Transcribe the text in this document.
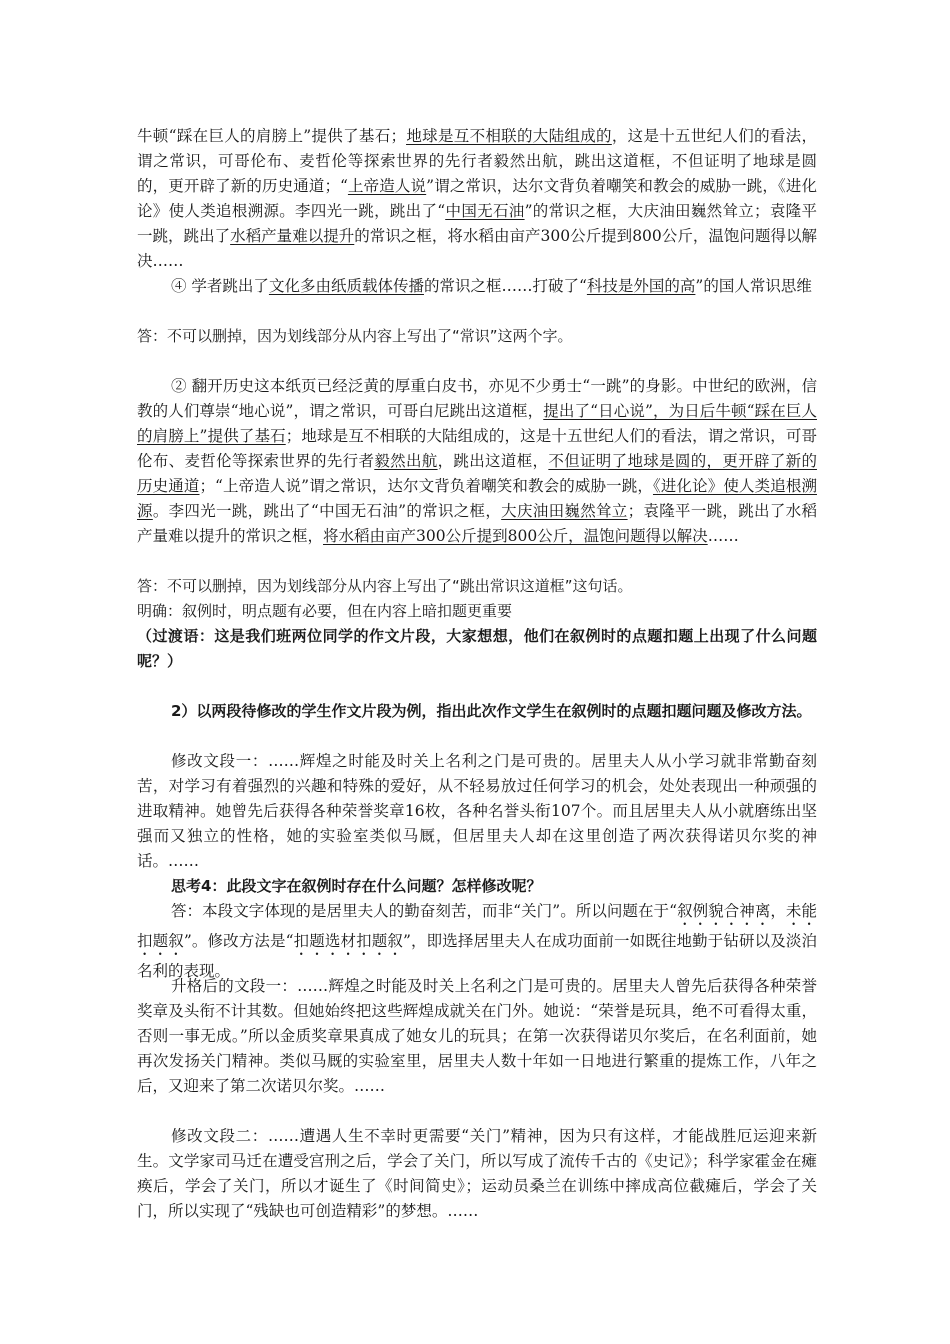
牛顿“踩在巨人的肩膀上”提供了基石；地球是互不相联的大陆组成的，这是十五世纪人们的看法，谓之常识，可哥伦布、麦哲伦等探索世界的先行者毅然出航，跳出这道框，不但证明了地球是圆的，更开辟了新的历史通道；“上帝造人说”谓之常识，达尔文背负着嘲笑和教会的威胁一跳，《进化论》使人类追根溯源。李四光一跳，跳出了“中国无石油”的常识之框，大庆油田巍然耸立；袁隆平一跳，跳出了水稻产量难以提升的常识之框，将水稻由亩产300公斤提到800公斤，温饱问题得以解决……
④ 学者跳出了文化多由纸质载体传播的常识之框……打破了“科技是外国的高”的国人常识思维
答：不可以删掉，因为划线部分从内容上写出了“常识”这两个字。
② 翻开历史这本纸页已经泛黄的厚重白皮书，亦见不少勇士“一跳”的身影。中世纪的欧洲，信教的人们尊崇“地心说”，谓之常识，可哥白尼跳出这道框，提出了“日心说”，为日后牛顿“踩在巨人的肩膀上”提供了基石；地球是互不相联的大陆组成的，这是十五世纪人们的看法，谓之常识，可哥伦布、麦哲伦等探索世界的先行者毅然出航，跳出这道框，不但证明了地球是圆的，更开辟了新的历史通道；“上帝造人说”谓之常识，达尔文背负着嘲笑和教会的威胁一跳，《进化论》使人类追根溯源。李四光一跳，跳出了“中国无石油”的常识之框，大庆油田巍然耸立；袁隆平一跳，跳出了水稻产量难以提升的常识之框，将水稻由亩产300公斤提到800公斤，温饱问题得以解决……
答：不可以删掉，因为划线部分从内容上写出了“跳出常识这道框”这句话。
明确：叙例时，明点题有必要，但在内容上暗扣题更重要
（过渡语：这是我们班两位同学的作文片段，大家想想，他们在叙例时的点题扣题上出现了什么问题呢？）
2）以两段待修改的学生作文片段为例，指出此次作文学生在叙例时的点题扣题问题及修改方法。
修改文段一：……辉煌之时能及时关上名利之门是可贵的。居里夫人从小学习就非常勤奋刻苦，对学习有着强烈的兴趣和特殊的爱好，从不轻易放过任何学习的机会，处处表现出一种顽强的进取精神。她曾先后获得各种荣誉奖章16枚，各种名誉头衔107个。而且居里夫人从小就磨练出坚强而又独立的性格，她的实验室类似马厩，但居里夫人却在这里创造了两次获得诺贝尔奖的神话。……
思考4：此段文字在叙例时存在什么问题？怎样修改呢？
答：本段文字体现的是居里夫人的勤奋刻苦，而非“关门”。所以问题在于“叙例貌合神离，未能扣题叙”。修改方法是“扣题选材扣题叙”，即选择居里夫人在成功面前一如既往地勤于钻研以及淡泊名利的表现。
升格后的文段一：……辉煌之时能及时关上名利之门是可贵的。居里夫人曾先后获得各种荣誉奖章及头衔不计其数。但她始终把这些辉煌成就关在门外。她说：“荣誉是玩具，绝不可看得太重，否则一事无成。”所以金质奖章果真成了她女儿的玩具；在第一次获得诺贝尔奖后，在名利面前，她再次发扬关门精神。类似马厩的实验室里，居里夫人数十年如一日地进行繁重的提炼工作，八年之后，又迎来了第二次诺贝尔奖。……
修改文段二：……遭遇人生不幸时更需要“关门”精神，因为只有这样，才能战胜厄运迎来新生。文学家司马迁在遭受宫刑之后，学会了关门，所以写成了流传千古的《史记》；科学家霍金在瘫痪后，学会了关门，所以才诞生了《时间简史》；运动员桑兰在训练中摔成高位截瘫后，学会了关门，所以实现了“残缺也可创造精彩”的梦想。……
